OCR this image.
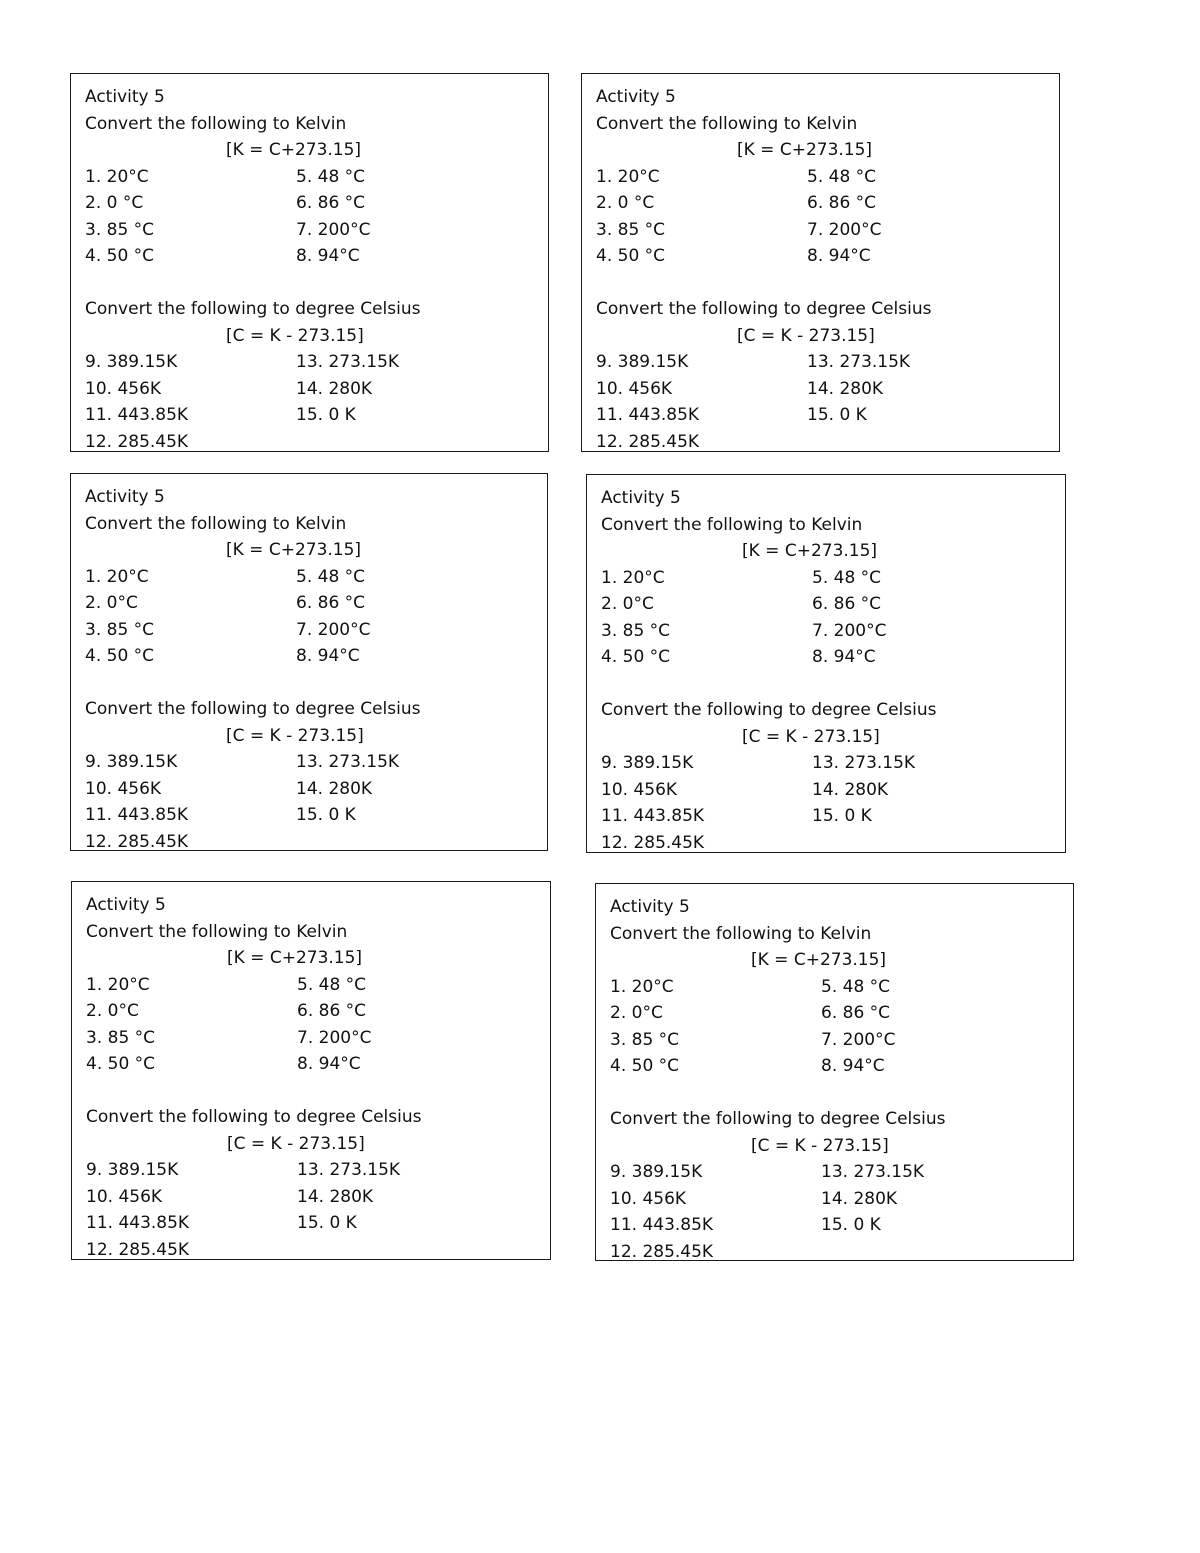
Activity 5
Convert the following to Kelvin
[K = C+273.15]
1. 20°C	5. 48 °C
2. 0 °C	6. 86 °C
3. 85 °C	7. 200°C
4. 50 °C	8. 94°C
Convert the following to degree Celsius
[C = K - 273.15]
9. 389.15K	13. 273.15K
10. 456K	14. 280K
11. 443.85K	15. 0 K
12. 285.45K
Activity 5
Convert the following to Kelvin
[K = C+273.15]
1. 20°C	5. 48 °C
2. 0 °C	6. 86 °C
3. 85 °C	7. 200°C
4. 50 °C	8. 94°C
Convert the following to degree Celsius
[C = K - 273.15]
9. 389.15K	13. 273.15K
10. 456K	14. 280K
11. 443.85K	15. 0 K
12. 285.45K
Activity 5
Convert the following to Kelvin
[K = C+273.15]
1. 20°C	5. 48 °C
2. 0°C	6. 86 °C
3. 85 °C	7. 200°C
4. 50 °C	8. 94°C
Convert the following to degree Celsius
[C = K - 273.15]
9. 389.15K	13. 273.15K
10. 456K	14. 280K
11. 443.85K	15. 0 K
12. 285.45K
Activity 5
Convert the following to Kelvin
[K = C+273.15]
1. 20°C	5. 48 °C
2. 0°C	6. 86 °C
3. 85 °C	7. 200°C
4. 50 °C	8. 94°C
Convert the following to degree Celsius
[C = K - 273.15]
9. 389.15K	13. 273.15K
10. 456K	14. 280K
11. 443.85K	15. 0 K
12. 285.45K
Activity 5
Convert the following to Kelvin
[K = C+273.15]
1. 20°C	5. 48 °C
2. 0°C	6. 86 °C
3. 85 °C	7. 200°C
4. 50 °C	8. 94°C
Convert the following to degree Celsius
[C = K - 273.15]
9. 389.15K	13. 273.15K
10. 456K	14. 280K
11. 443.85K	15. 0 K
12. 285.45K
Activity 5
Convert the following to Kelvin
[K = C+273.15]
1. 20°C	5. 48 °C
2. 0°C	6. 86 °C
3. 85 °C	7. 200°C
4. 50 °C	8. 94°C
Convert the following to degree Celsius
[C = K - 273.15]
9. 389.15K	13. 273.15K
10. 456K	14. 280K
11. 443.85K	15. 0 K
12. 285.45K
